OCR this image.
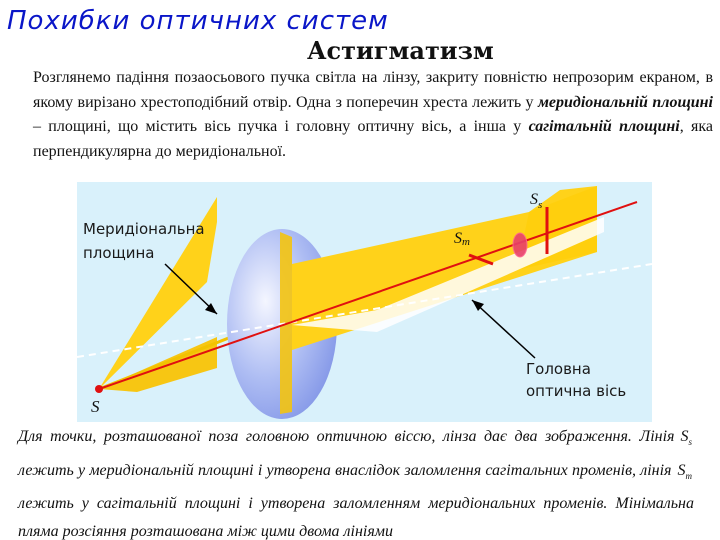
Похибки оптичних систем
Астигматизм

Розглянемо падіння позаосьового пучка світла на лінзу, закриту повністю непрозорим екраном, в якому вирізано хрестоподібний отвір. Одна з поперечин хреста лежить у меридіональній площині – площині, що містить вісь пучка і головну оптичну вісь, а інша у сагітальній площині, яка перпендикулярна до меридіональної.

Меридіональна
площина
Головна
оптична вісь
S
Sm
$S_s$

Для точки, розташованої поза головною оптичною віссю, лінза дає два зображення. Лінія $S_s$ лежить у меридіональній площині і утворена внаслідок заломлення сагітальних променів, лінія $S_m$ лежить у сагітальній площині і утворена заломленням меридіональних променів. Мінімальна пляма розсіяння розташована між цими двома лініями
